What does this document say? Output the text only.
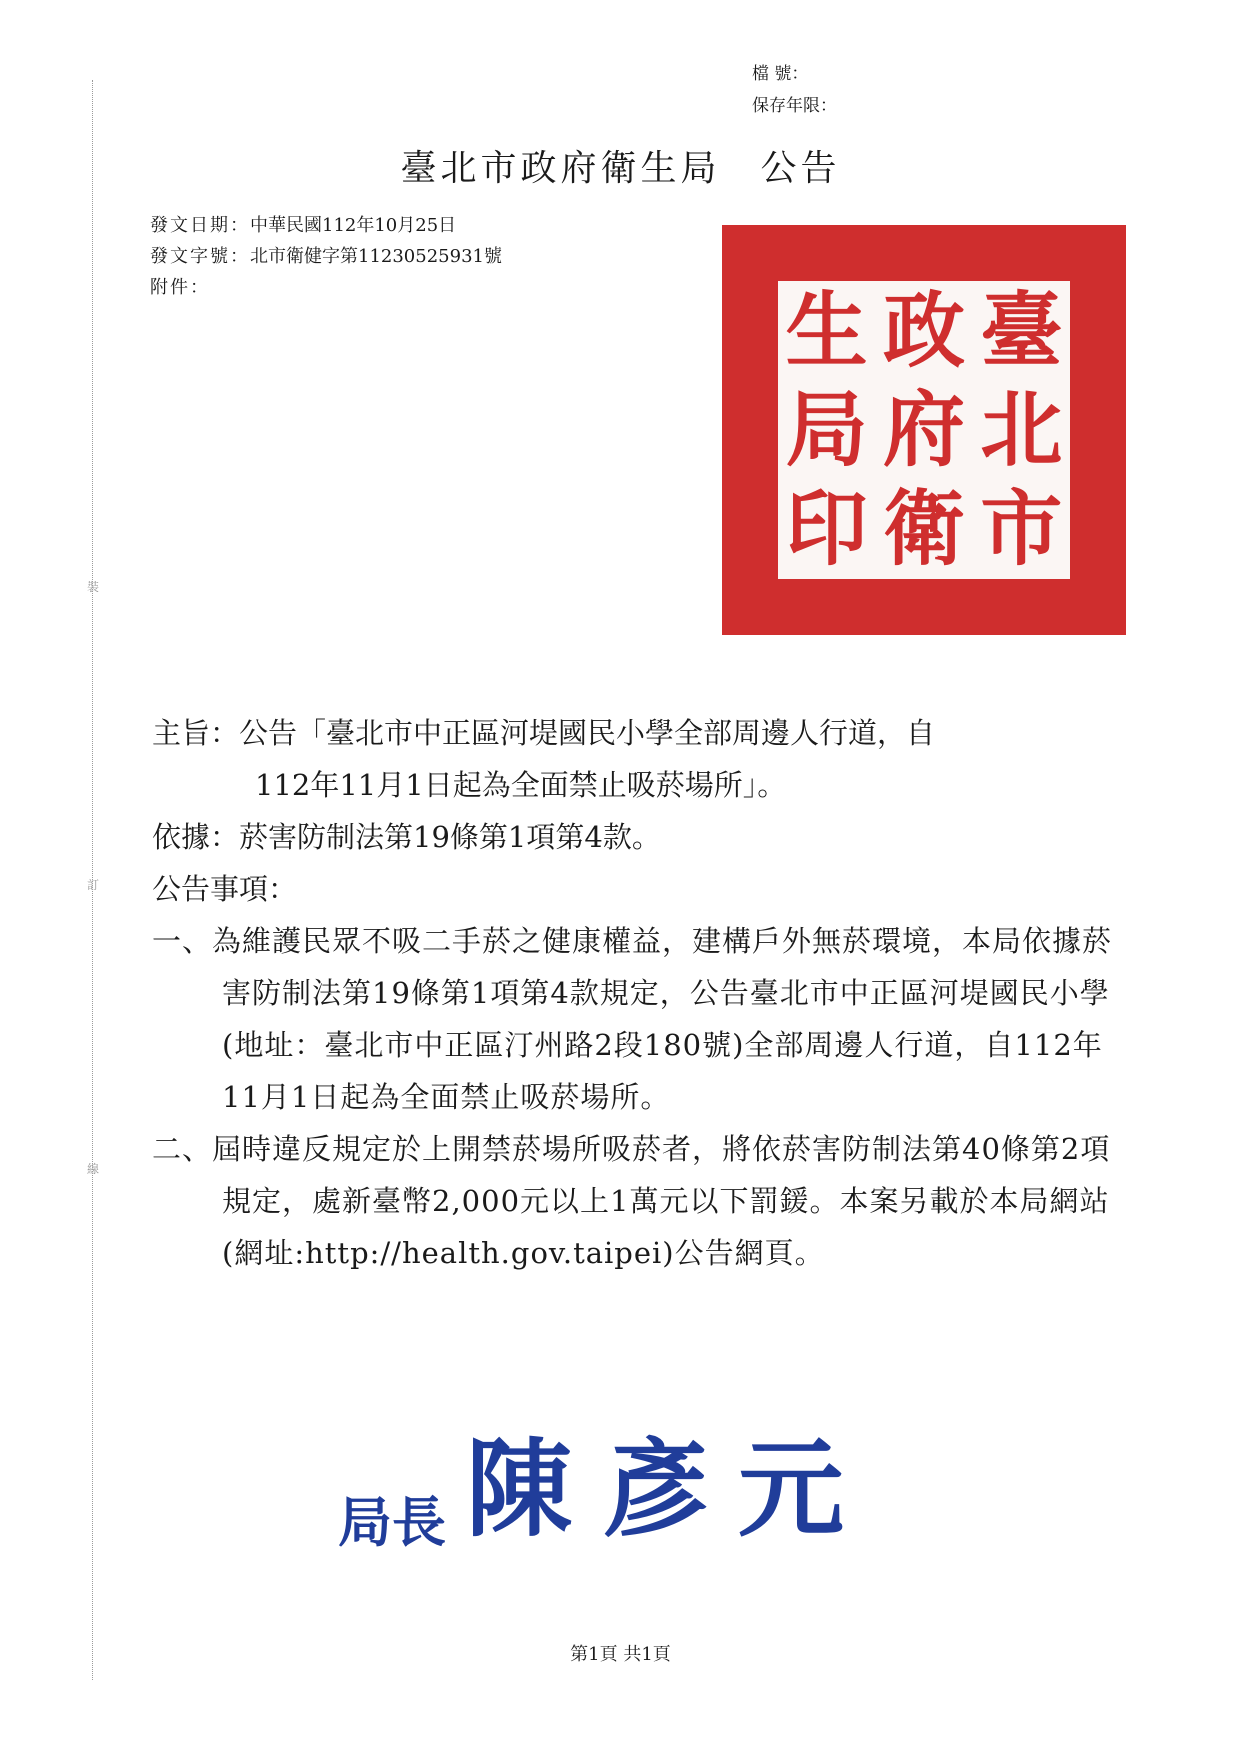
裝
訂
線
檔 號：
保存年限：
臺北市政府衛生局 公告
發文日期：中華民國112年10月25日
發文字號：北市衛健字第11230525931號
附件：	生 政 臺
局 府 北
印 衛 市

主旨：公告「臺北市中正區河堤國民小學全部周邊人行道，自

112年11月1日起為全面禁止吸菸場所」。

依據：菸害防制法第19條第1項第4款。

公告事項：

一、為維護民眾不吸二手菸之健康權益，建構戶外無菸環境，本局依據菸害防制法第19條第1項第4款規定，公告臺北市中正區河堤國民小學(地址：臺北市中正區汀州路2段180號)全部周邊人行道，自112年11月1日起為全面禁止吸菸場所。

二、屆時違反規定於上開禁菸場所吸菸者，將依菸害防制法第40條第2項規定，處新臺幣2,000元以上1萬元以下罰鍰。本案另載於本局網站(網址:http://health.gov.taipei)公告網頁。

局長 陳彥元
第1頁 共1頁
